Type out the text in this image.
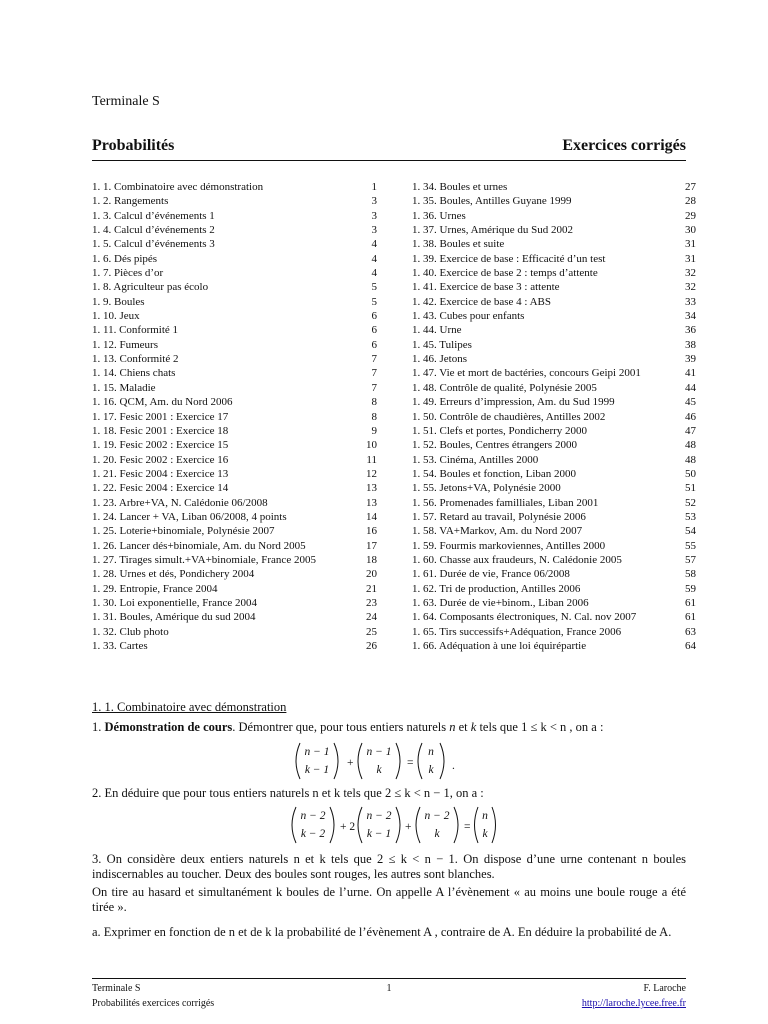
Terminale S
Probabilités	Exercices corrigés
1. 1. Combinatoire avec démonstration	1
1. 2. Rangements	3
1. 3. Calcul d’événements 1	3
1. 4. Calcul d’événements 2	3
1. 5. Calcul d’événements 3	4
1. 6. Dés pipés	4
1. 7. Pièces d’or	4
1. 8. Agriculteur pas écolo	5
1. 9. Boules	5
1. 10. Jeux	6
1. 11. Conformité 1	6
1. 12. Fumeurs	6
1. 13. Conformité 2	7
1. 14. Chiens chats	7
1. 15. Maladie	7
1. 16. QCM, Am. du Nord 2006	8
1. 17. Fesic 2001 : Exercice 17	8
1. 18. Fesic 2001 : Exercice 18	9
1. 19. Fesic 2002 : Exercice 15	10
1. 20. Fesic 2002 : Exercice 16	11
1. 21. Fesic 2004 : Exercice 13	12
1. 22. Fesic 2004 : Exercice 14	13
1. 23. Arbre+VA, N. Calédonie 06/2008	13
1. 24. Lancer + VA, Liban 06/2008, 4 points	14
1. 25. Loterie+binomiale, Polynésie 2007	16
1. 26. Lancer dés+binomiale, Am. du Nord 2005	17
1. 27. Tirages simult.+VA+binomiale, France 2005	18
1. 28. Urnes et dés, Pondichery 2004	20
1. 29. Entropie, France 2004	21
1. 30. Loi exponentielle, France 2004	23
1. 31. Boules, Amérique du sud 2004	24
1. 32. Club photo	25
1. 33. Cartes	26
1. 34. Boules et urnes	27
1. 35. Boules, Antilles Guyane 1999	28
1. 36. Urnes	29
1. 37. Urnes, Amérique du Sud 2002	30
1. 38. Boules et suite	31
1. 39. Exercice de base : Efficacité d’un test	31
1. 40. Exercice de base 2 : temps d’attente	32
1. 41. Exercice de base 3 : attente	32
1. 42. Exercice de base 4 : ABS	33
1. 43. Cubes pour enfants	34
1. 44. Urne	36
1. 45. Tulipes	38
1. 46. Jetons	39
1. 47. Vie et mort de bactéries, concours Geipi 2001	41
1. 48. Contrôle de qualité, Polynésie 2005	44
1. 49. Erreurs d’impression, Am. du Sud 1999	45
1. 50. Contrôle de chaudières, Antilles 2002	46
1. 51. Clefs et portes, Pondicherry 2000	47
1. 52. Boules, Centres étrangers 2000	48
1. 53. Cinéma, Antilles 2000	48
1. 54. Boules et fonction, Liban 2000	50
1. 55. Jetons+VA, Polynésie 2000	51
1. 56. Promenades familliales, Liban 2001	52
1. 57. Retard au travail, Polynésie 2006	53
1. 58. VA+Markov, Am. du Nord 2007	54
1. 59. Fourmis markoviennes, Antilles 2000	55
1. 60. Chasse aux fraudeurs, N. Calédonie 2005	57
1. 61. Durée de vie, France 06/2008	58
1. 62. Tri de production, Antilles 2006	59
1. 63. Durée de vie+binom., Liban 2006	61
1. 64. Composants électroniques, N. Cal. nov 2007	61
1. 65. Tirs successifs+Adéquation, France 2006	63
1. 66. Adéquation à une loi équirépartie	64
1. 1. Combinatoire avec démonstration
1. Démonstration de cours. Démontrer que, pour tous entiers naturels n et k tels que 1 ≤ k < n , on a :
n − 1
k − 1
+
n − 1
k
=
n
k .
2. En déduire que pour tous entiers naturels n et k tels que 2 ≤ k < n − 1, on a :
n − 2
k − 2
+ 2
n − 2
k − 1
+
n − 2
k
=
n
k
3. On considère deux entiers naturels n et k tels que 2 ≤ k < n − 1. On dispose d’une urne contenant n boules indiscernables au toucher. Deux des boules sont rouges, les autres sont blanches.
On tire au hasard et simultanément k boules de l’urne. On appelle A l’évènement « au moins une boule rouge a été tirée ».
a. Exprimer en fonction de n et de k la probabilité de l’évènement A , contraire de A. En déduire la probabilité de A.
Terminale S	1	F. Laroche
Probabilités exercices corrigés	http://laroche.lycee.free.fr
